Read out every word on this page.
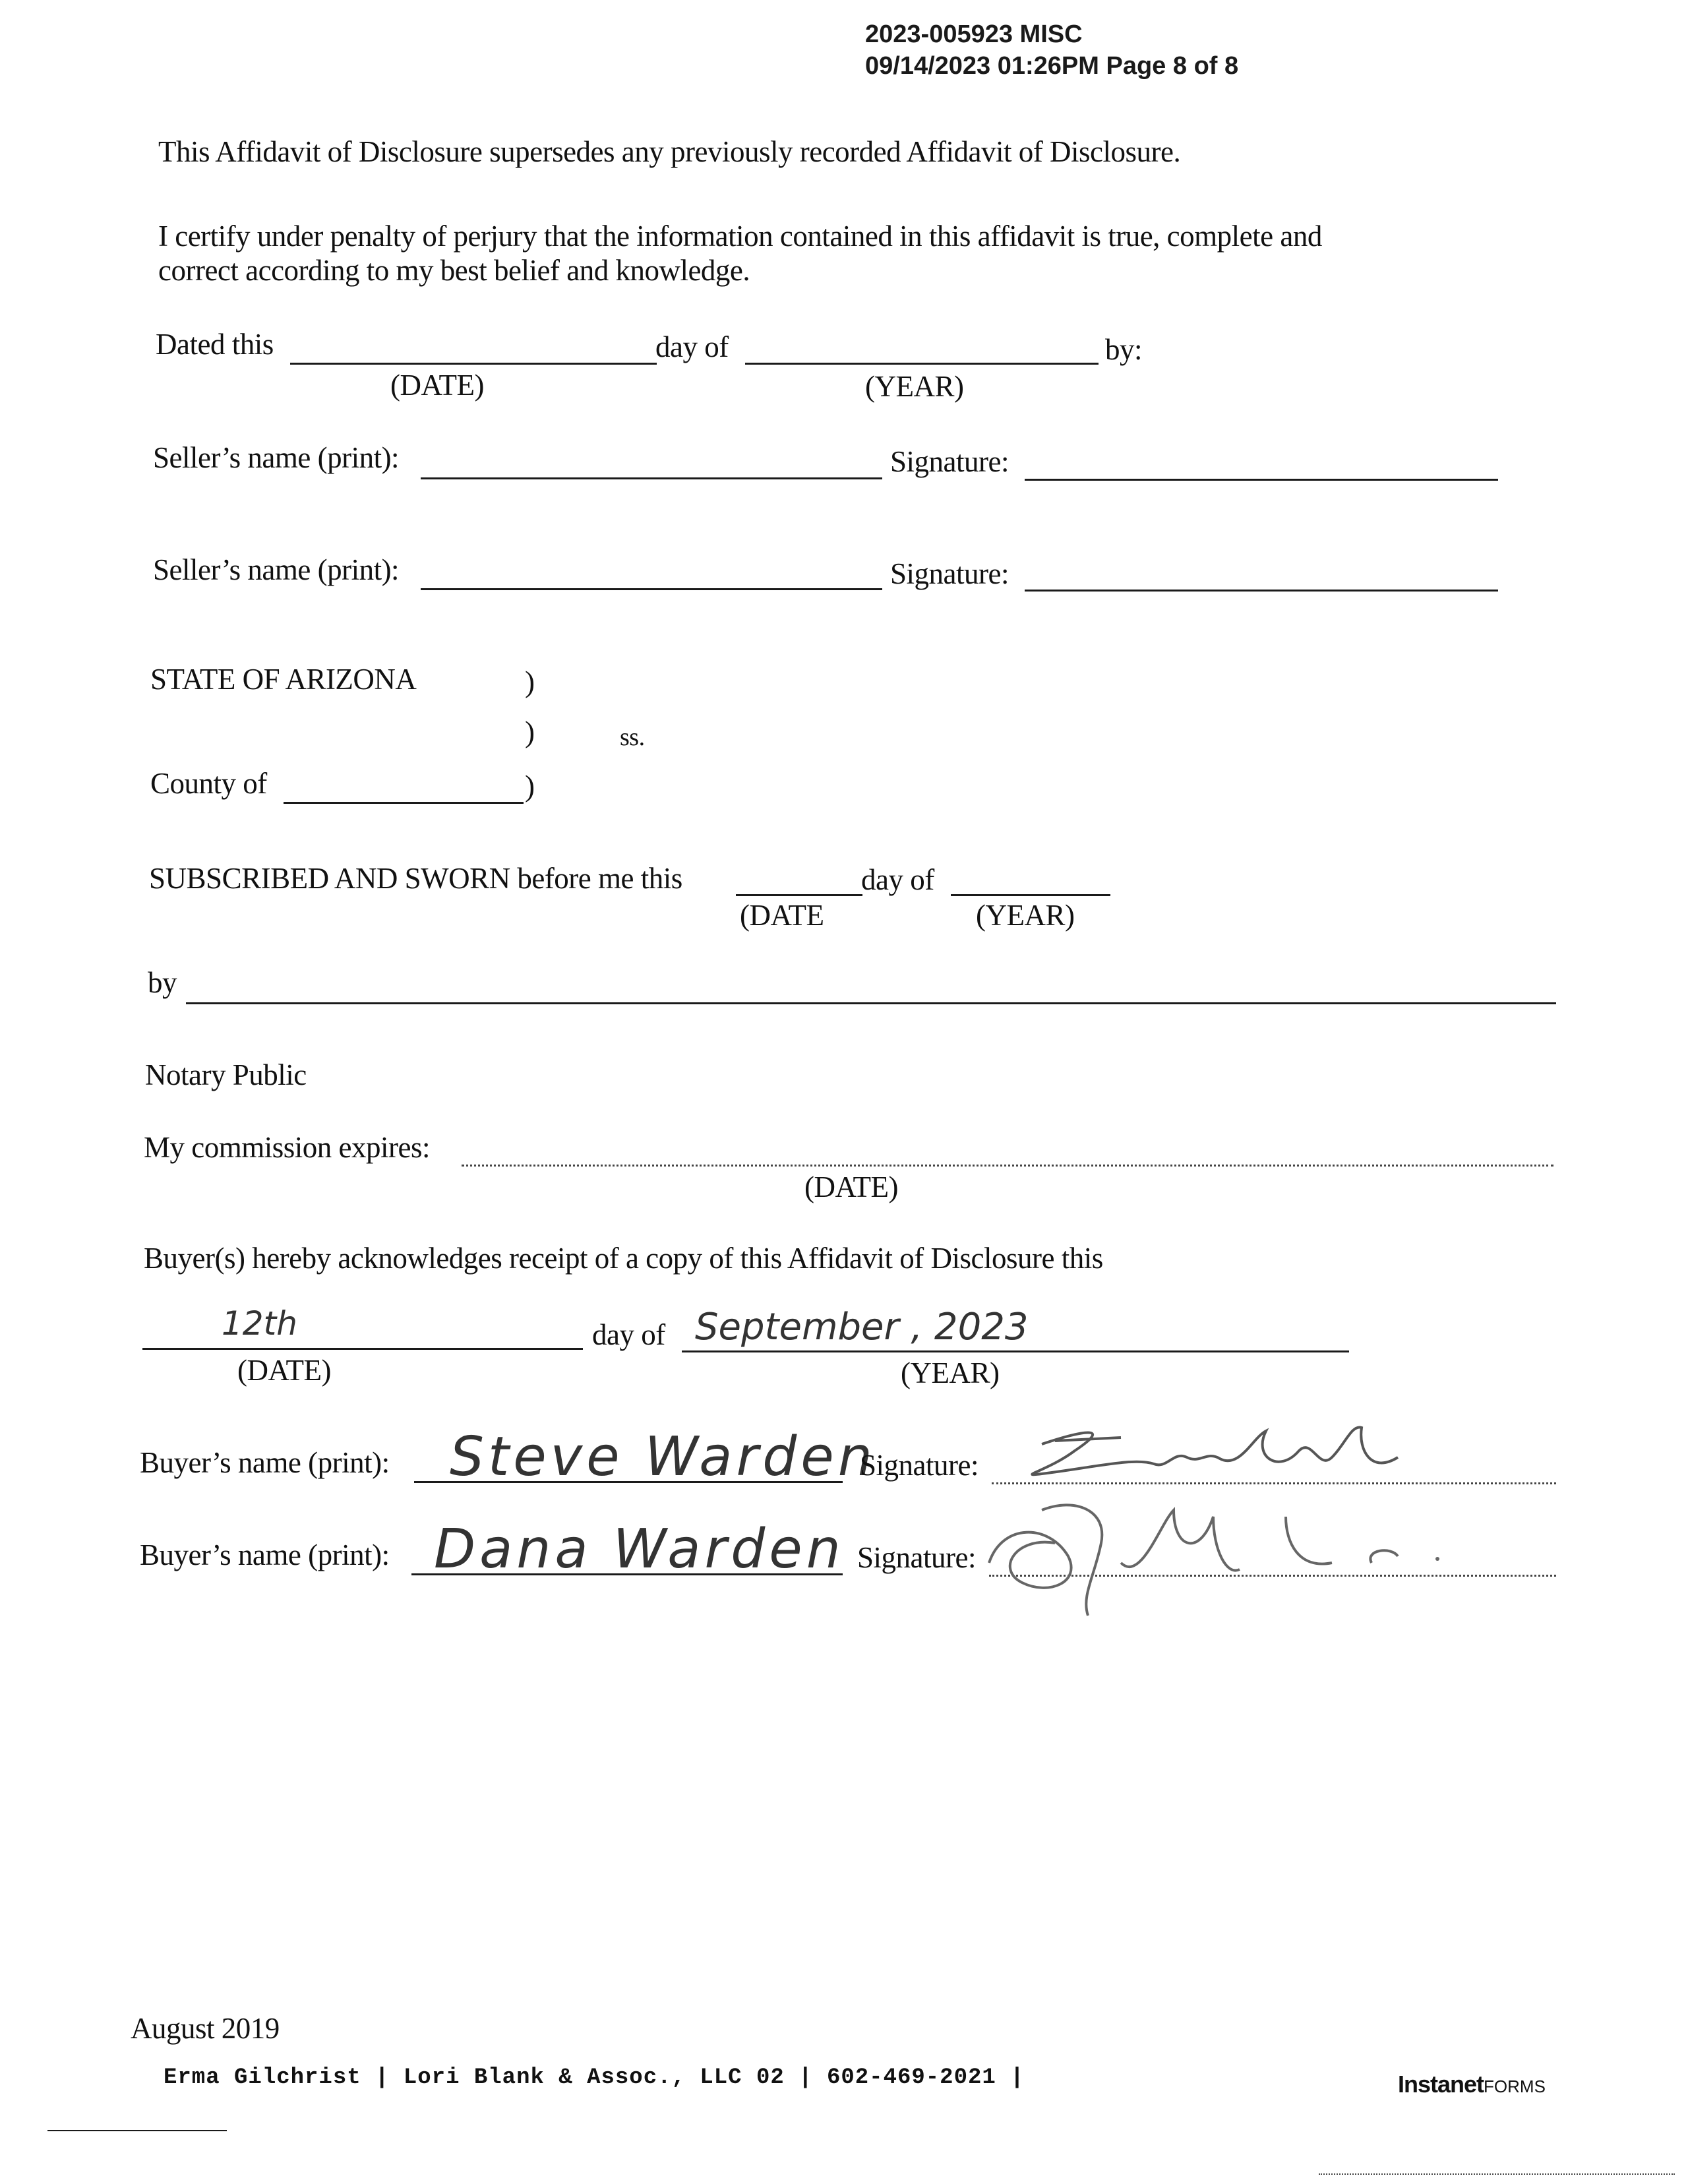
2023-005923 MISC
09/14/2023 01:26PM Page 8 of 8
This Affidavit of Disclosure supersedes any previously recorded Affidavit of Disclosure.
I certify under penalty of perjury that the information contained in this affidavit is true, complete and
correct according to my best belief and knowledge.
Dated this	day of	by:
(DATE)	(YEAR)
Seller’s name (print):	Signature:
Seller’s name (print):	Signature:
STATE OF ARIZONA	)
)	ss.
County of	)
SUBSCRIBED AND SWORN before me this	day of
(DATE	(YEAR)
by
Notary Public
My commission expires:
(DATE)
Buyer(s) hereby acknowledges receipt of a copy of this Affidavit of Disclosure this
12th	day of September , 2023
(DATE)	(YEAR)
Buyer’s name (print): Steve Warden
Signature:
Buyer’s name (print): Dana Warden Signature:
August 2019
Erma Gilchrist | Lori Blank & Assoc., LLC 02 | 602-469-2021 |	InstanetFORMS
